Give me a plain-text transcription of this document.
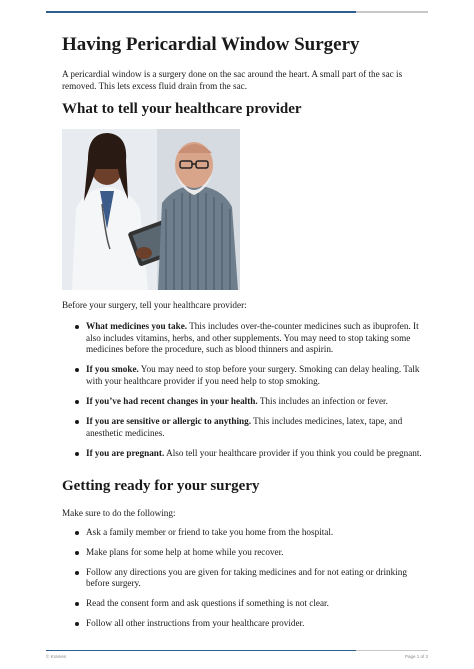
Having Pericardial Window Surgery

A pericardial window is a surgery done on the sac around the heart. A small part of the sac is removed. This lets excess fluid drain from the sac.

What to tell your healthcare provider

Before your surgery, tell your healthcare provider:

What medicines you take. This includes over-the-counter medicines such as ibuprofen. It also includes vitamins, herbs, and other supplements. You may need to stop taking some medicines before the procedure, such as blood thinners and aspirin.
If you smoke. You may need to stop before your surgery. Smoking can delay healing. Talk with your healthcare provider if you need help to stop smoking.
If you’ve had recent changes in your health. This includes an infection or fever.
If you are sensitive or allergic to anything. This includes medicines, latex, tape, and anesthetic medicines.
If you are pregnant. Also tell your healthcare provider if you think you could be pregnant.
Getting ready for your surgery

Make sure to do the following:

Ask a family member or friend to take you home from the hospital.
Make plans for some help at home while you recover.
Follow any directions you are given for taking medicines and for not eating or drinking before surgery.
Read the consent form and ask questions if something is not clear.
Follow all other instructions from your healthcare provider.
© Krames	Page 1 of 3
